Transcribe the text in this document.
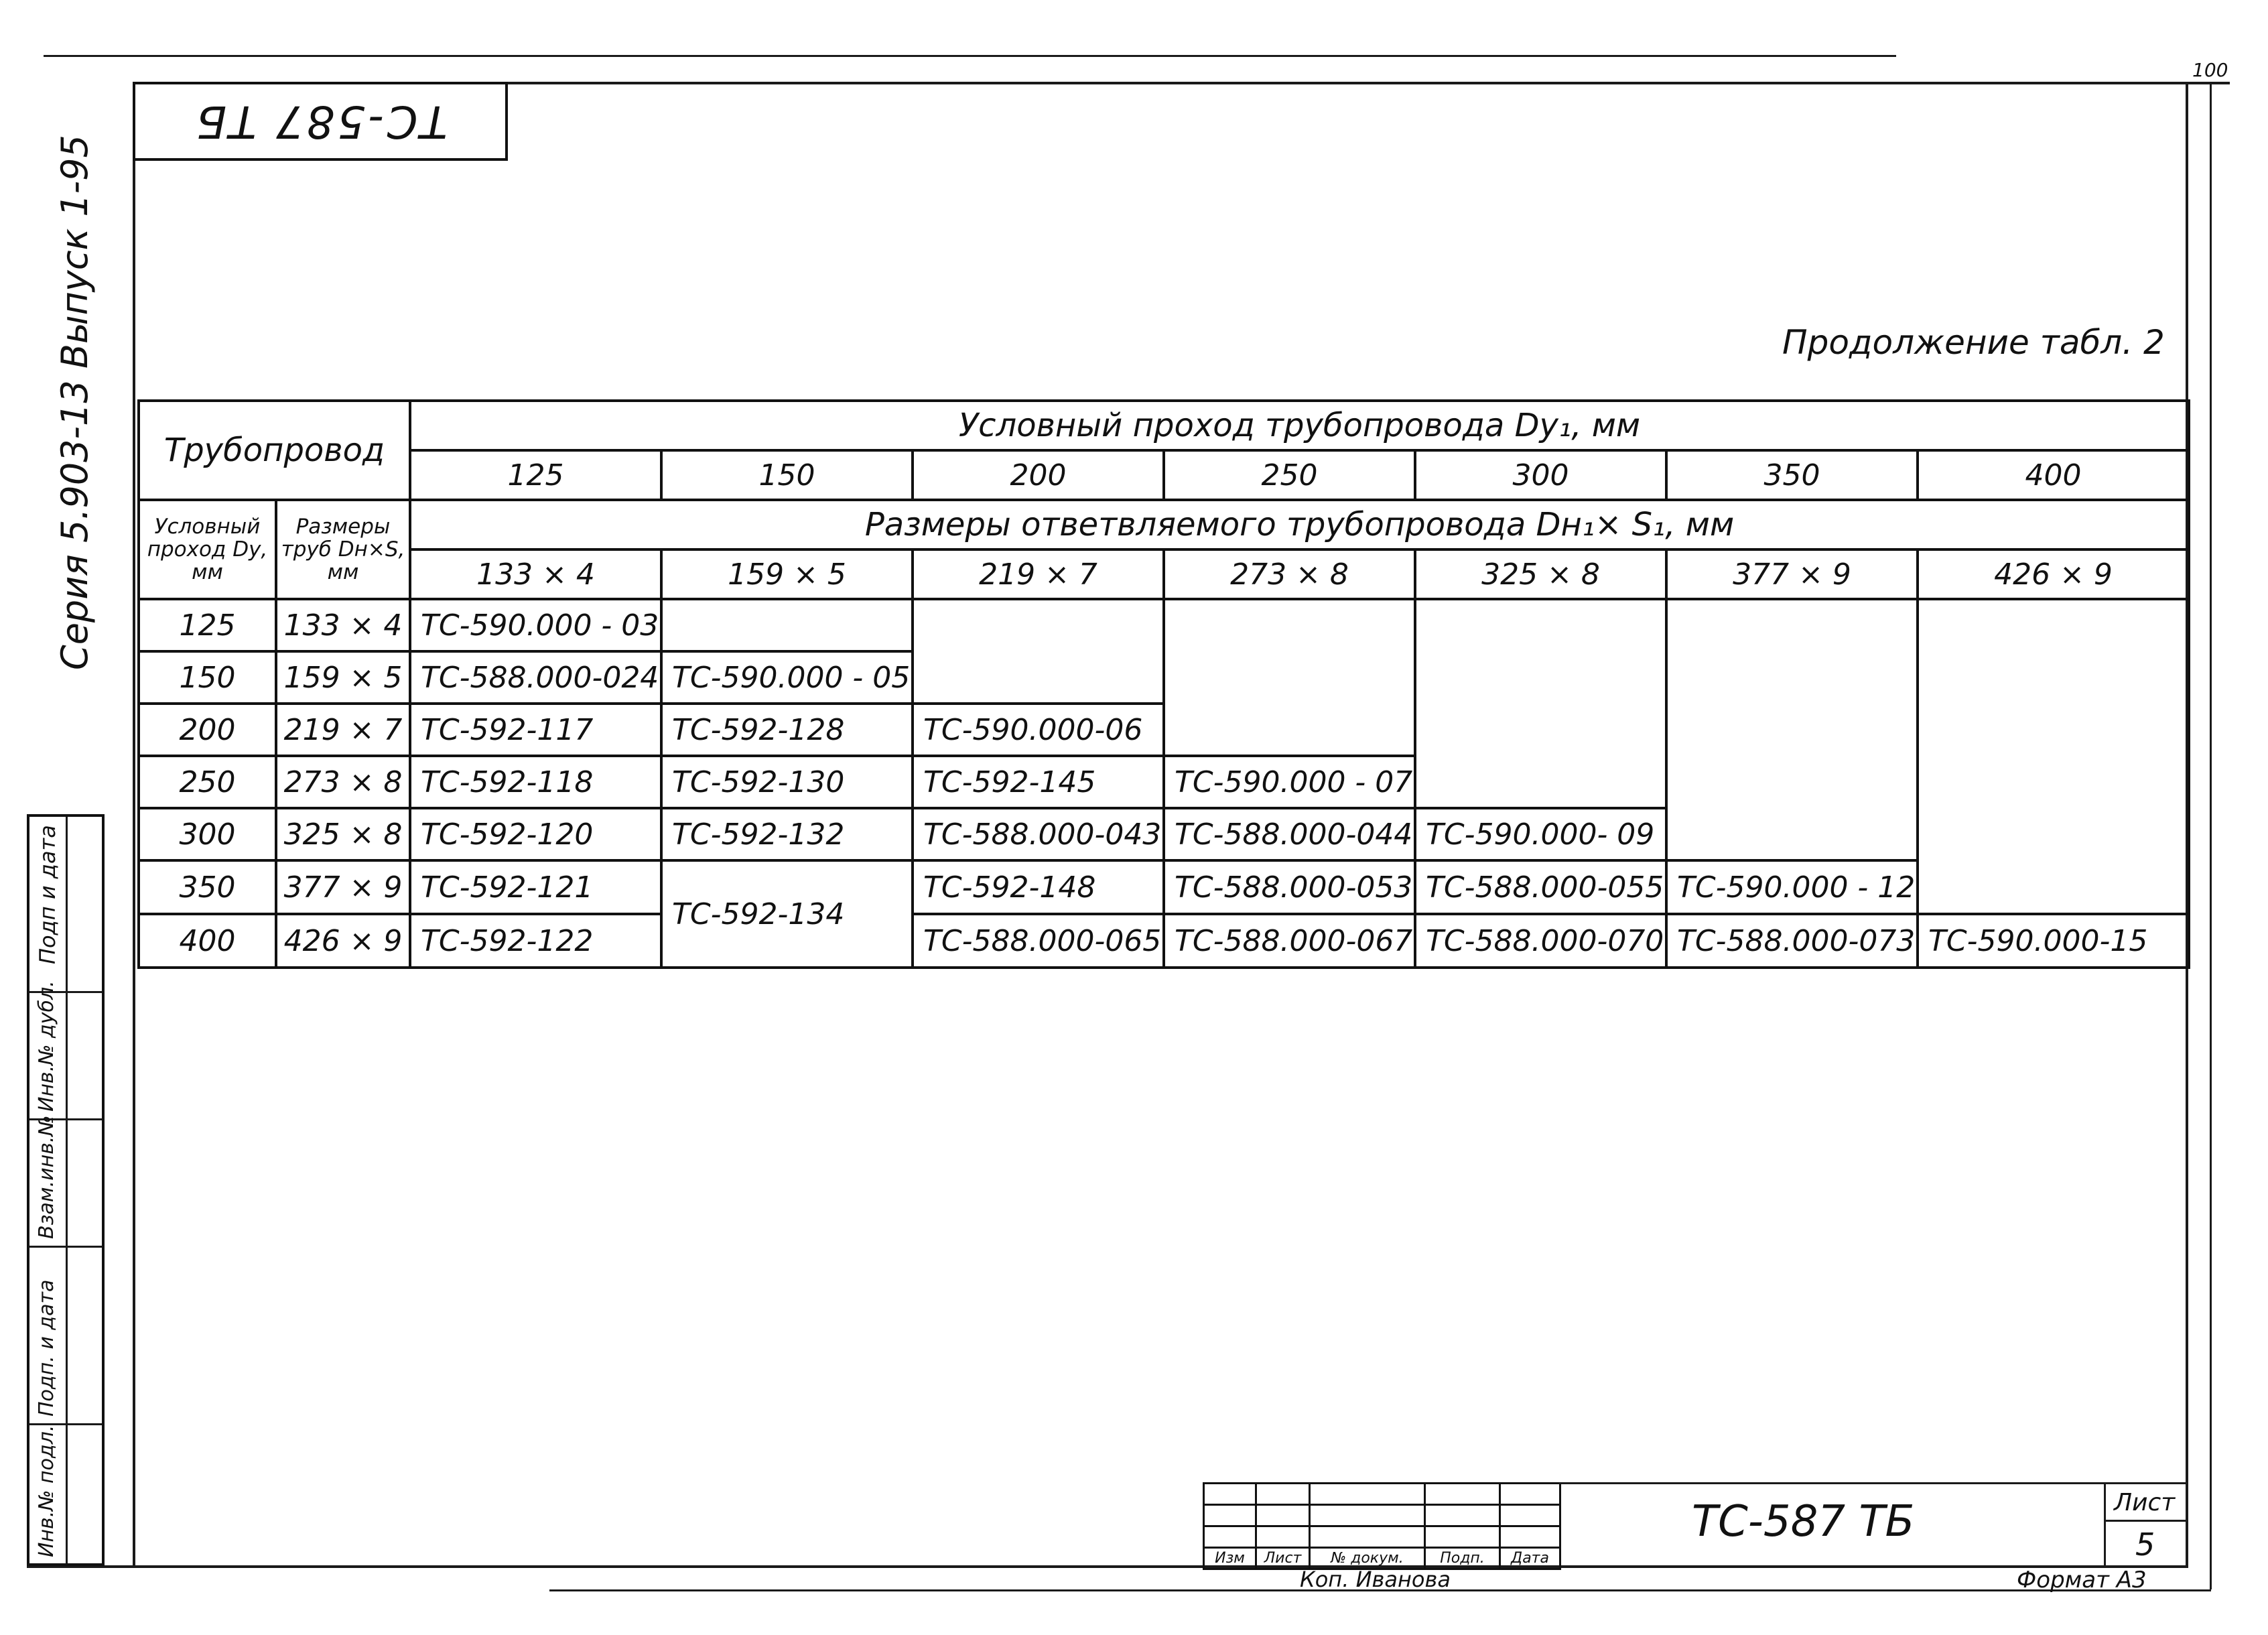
100
ТС-587 ТБ
Серия 5.903-13 Выпуск 1-95
Подп и дата
Инв.№ дубл.
Взам.инв.№
Подп. и дата
Инв.№ подл.
Продолжение табл. 2
Трубопровод		Условный проход трубопровода Dу₁, мм						
		125	150	200	250	300	350	400
Условный проход Dу, мм	Размеры труб Dн×S, мм	Размеры ответвляемого трубопровода Dн₁× S₁, мм						
		133 × 4	159 × 5	219 × 7	273 × 8	325 × 8	377 × 9	426 × 9
125	133 × 4	ТС-590.000 - 03						
150	159 × 5	ТС-588.000-024	ТС-590.000 - 05					
200	219 × 7	ТС-592-117	ТС-592-128	ТС-590.000-06				
250	273 × 8	ТС-592-118	ТС-592-130	ТС-592-145	ТС-590.000 - 07			
300	325 × 8	ТС-592-120	ТС-592-132	ТС-588.000-043	ТС-588.000-044	ТС-590.000- 09		
350	377 × 9	ТС-592-121	ТС-592-134	ТС-592-148	ТС-588.000-053	ТС-588.000-055	ТС-590.000 - 12	
400	426 × 9	ТС-592-122		ТС-588.000-065	ТС-588.000-067	ТС-588.000-070	ТС-588.000-073	ТС-590.000-15

Изм	Лист	№ докум.	Подп.	Дата
ТС-587 ТБ	Лист
5
Коп. Иванова	Формат А3
